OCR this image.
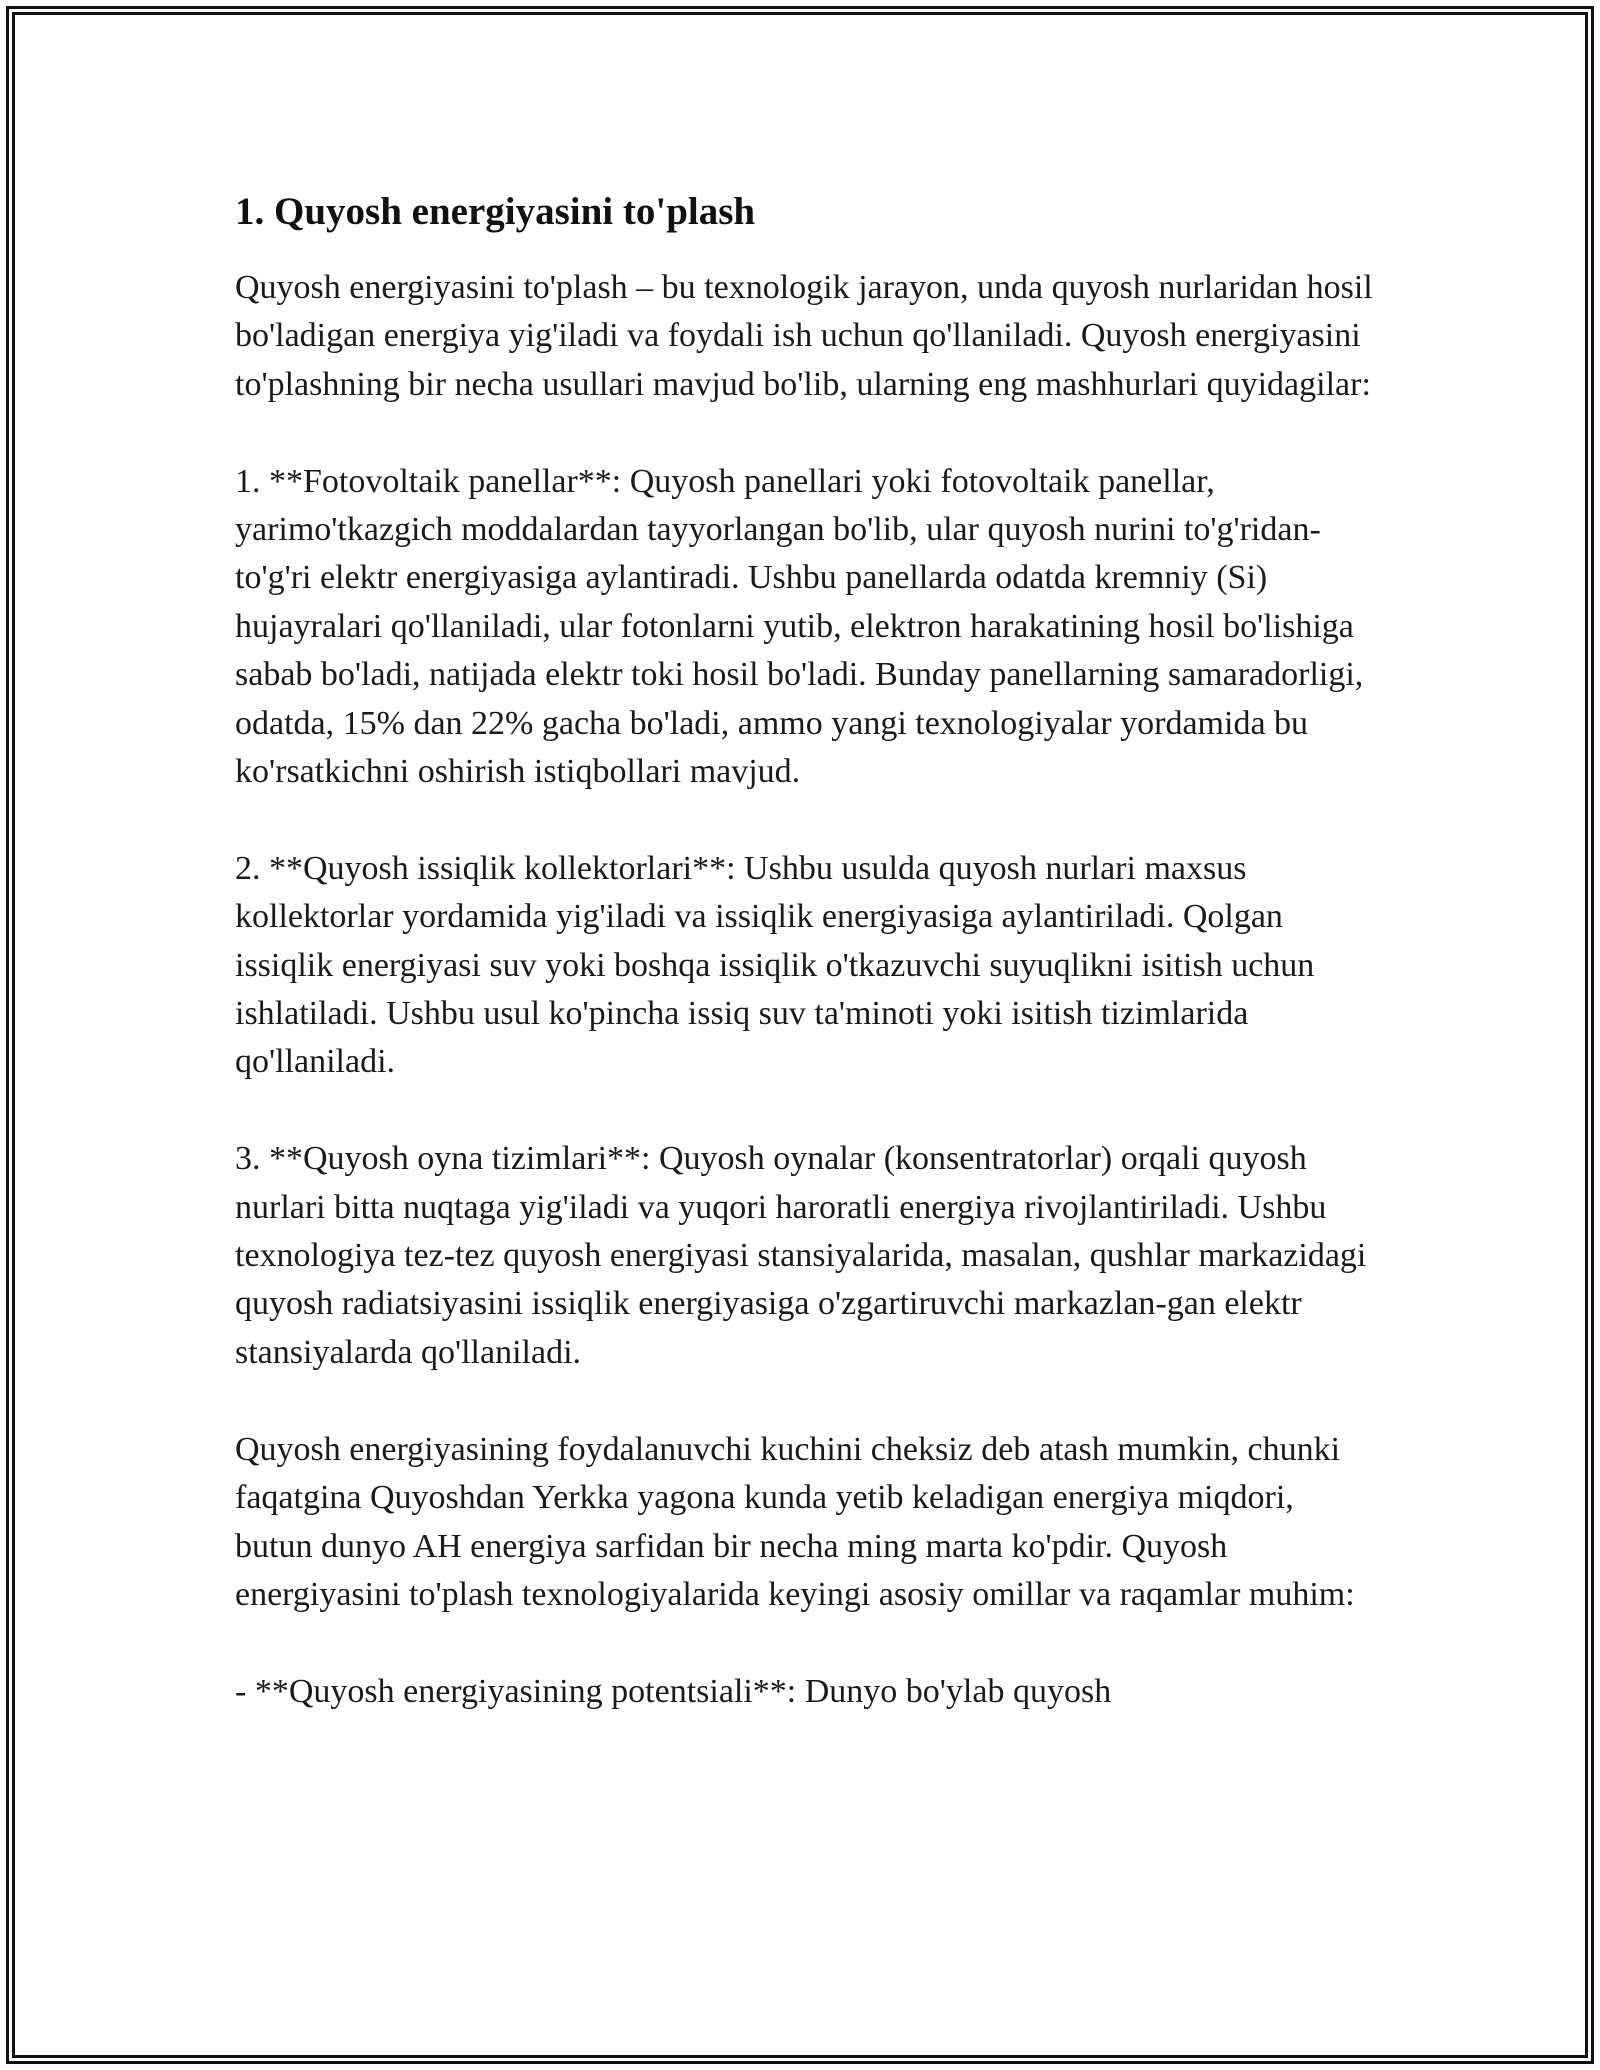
1. Quyosh energiyasini to'plash

Quyosh energiyasini to'plash – bu texnologik jarayon, unda quyosh nurlaridan hosil bo'ladigan energiya yig'iladi va foydali ish uchun qo'llaniladi. Quyosh energiyasini to'plashning bir necha usullari mavjud bo'lib, ularning eng mashhurlari quyidagilar:

1. **Fotovoltaik panellar**: Quyosh panellari yoki fotovoltaik panellar, yarimo'tkazgich moddalardan tayyorlangan bo'lib, ular quyosh nurini to'g'ridan-to'g'ri elektr energiyasiga aylantiradi. Ushbu panellarda odatda kremniy (Si) hujayralari qo'llaniladi, ular fotonlarni yutib, elektron harakatining hosil bo'lishiga sabab bo'ladi, natijada elektr toki hosil bo'ladi. Bunday panellarning samaradorligi, odatda, 15% dan 22% gacha bo'ladi, ammo yangi texnologiyalar yordamida bu ko'rsatkichni oshirish istiqbollari mavjud.

2. **Quyosh issiqlik kollektorlari**: Ushbu usulda quyosh nurlari maxsus kollektorlar yordamida yig'iladi va issiqlik energiyasiga aylantiriladi. Qolgan issiqlik energiyasi suv yoki boshqa issiqlik o'tkazuvchi suyuqlikni isitish uchun ishlatiladi. Ushbu usul ko'pincha issiq suv ta'minoti yoki isitish tizimlarida qo'llaniladi.

3. **Quyosh oyna tizimlari**: Quyosh oynalar (konsentratorlar) orqali quyosh nurlari bitta nuqtaga yig'iladi va yuqori haroratli energiya rivojlantiriladi. Ushbu texnologiya tez-tez quyosh energiyasi stansiyalarida, masalan, qushlar markazidagi quyosh radiatsiyasini issiqlik energiyasiga o'zgartiruvchi markazlan-gan elektr stansiyalarda qo'llaniladi.

Quyosh energiyasining foydalanuvchi kuchini cheksiz deb atash mumkin, chunki faqatgina Quyoshdan Yerkka yagona kunda yetib keladigan energiya miqdori, butun dunyo AH energiya sarfidan bir necha ming marta ko'pdir. Quyosh energiyasini to'plash texnologiyalarida keyingi asosiy omillar va raqamlar muhim:

- **Quyosh energiyasining potentsiali**: Dunyo bo'ylab quyosh
